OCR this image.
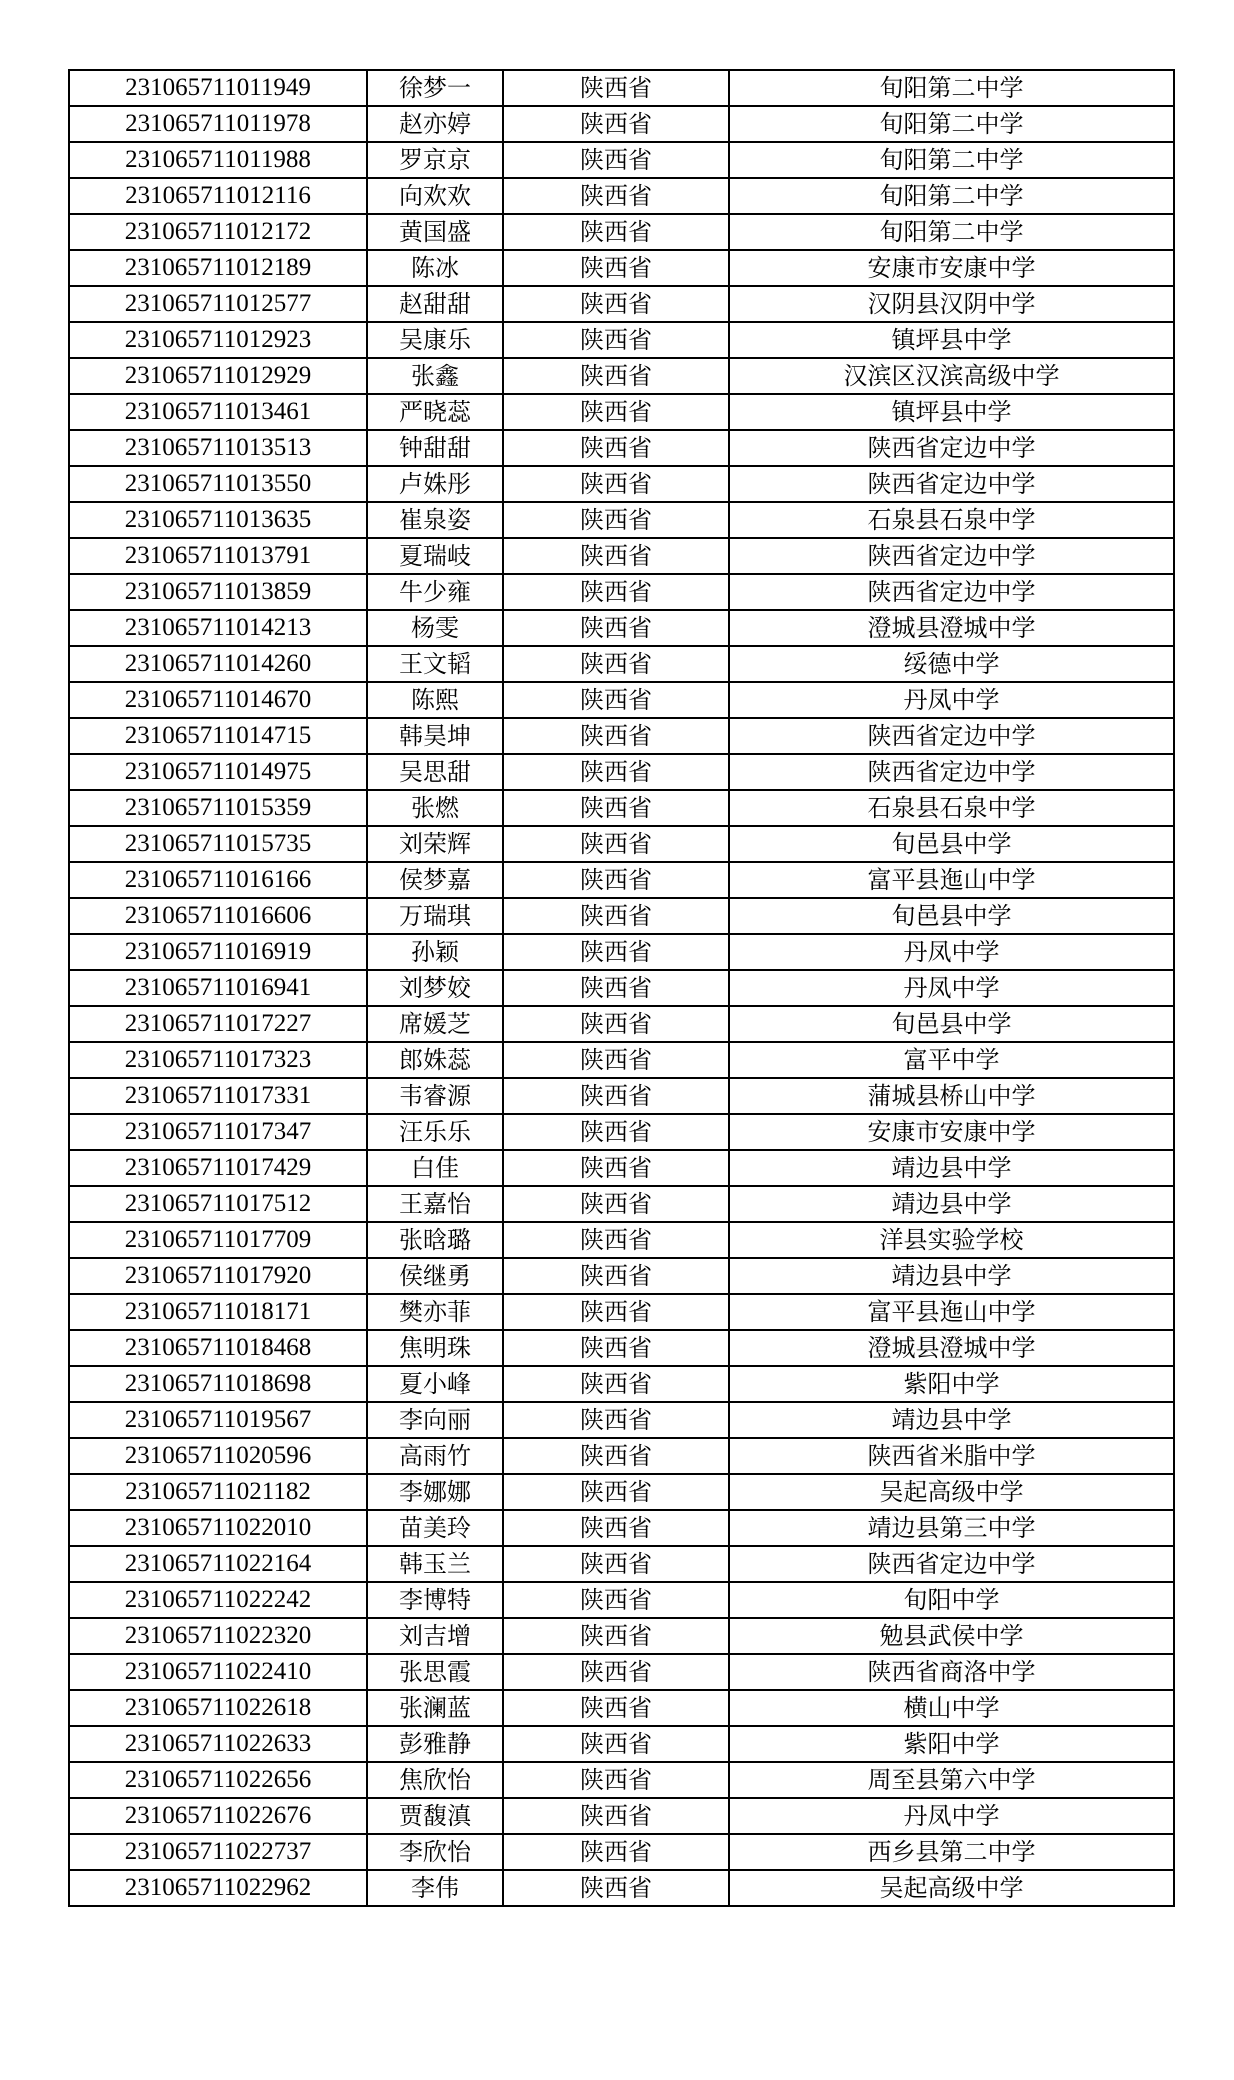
231065711011949	徐梦一	陕西省	旬阳第二中学
231065711011978	赵亦婷	陕西省	旬阳第二中学
231065711011988	罗京京	陕西省	旬阳第二中学
231065711012116	向欢欢	陕西省	旬阳第二中学
231065711012172	黄国盛	陕西省	旬阳第二中学
231065711012189	陈冰	陕西省	安康市安康中学
231065711012577	赵甜甜	陕西省	汉阴县汉阴中学
231065711012923	吴康乐	陕西省	镇坪县中学
231065711012929	张鑫	陕西省	汉滨区汉滨高级中学
231065711013461	严晓蕊	陕西省	镇坪县中学
231065711013513	钟甜甜	陕西省	陕西省定边中学
231065711013550	卢姝彤	陕西省	陕西省定边中学
231065711013635	崔泉姿	陕西省	石泉县石泉中学
231065711013791	夏瑞岐	陕西省	陕西省定边中学
231065711013859	牛少雍	陕西省	陕西省定边中学
231065711014213	杨雯	陕西省	澄城县澄城中学
231065711014260	王文韬	陕西省	绥德中学
231065711014670	陈熙	陕西省	丹凤中学
231065711014715	韩昊坤	陕西省	陕西省定边中学
231065711014975	吴思甜	陕西省	陕西省定边中学
231065711015359	张燃	陕西省	石泉县石泉中学
231065711015735	刘荣辉	陕西省	旬邑县中学
231065711016166	侯梦嘉	陕西省	富平县迤山中学
231065711016606	万瑞琪	陕西省	旬邑县中学
231065711016919	孙颖	陕西省	丹凤中学
231065711016941	刘梦姣	陕西省	丹凤中学
231065711017227	席媛芝	陕西省	旬邑县中学
231065711017323	郎姝蕊	陕西省	富平中学
231065711017331	韦睿源	陕西省	蒲城县桥山中学
231065711017347	汪乐乐	陕西省	安康市安康中学
231065711017429	白佳	陕西省	靖边县中学
231065711017512	王嘉怡	陕西省	靖边县中学
231065711017709	张晗璐	陕西省	洋县实验学校
231065711017920	侯继勇	陕西省	靖边县中学
231065711018171	樊亦菲	陕西省	富平县迤山中学
231065711018468	焦明珠	陕西省	澄城县澄城中学
231065711018698	夏小峰	陕西省	紫阳中学
231065711019567	李向丽	陕西省	靖边县中学
231065711020596	高雨竹	陕西省	陕西省米脂中学
231065711021182	李娜娜	陕西省	吴起高级中学
231065711022010	苗美玲	陕西省	靖边县第三中学
231065711022164	韩玉兰	陕西省	陕西省定边中学
231065711022242	李博特	陕西省	旬阳中学
231065711022320	刘吉增	陕西省	勉县武侯中学
231065711022410	张思霞	陕西省	陕西省商洛中学
231065711022618	张澜蓝	陕西省	横山中学
231065711022633	彭雅静	陕西省	紫阳中学
231065711022656	焦欣怡	陕西省	周至县第六中学
231065711022676	贾馥滇	陕西省	丹凤中学
231065711022737	李欣怡	陕西省	西乡县第二中学
231065711022962	李伟	陕西省	吴起高级中学
